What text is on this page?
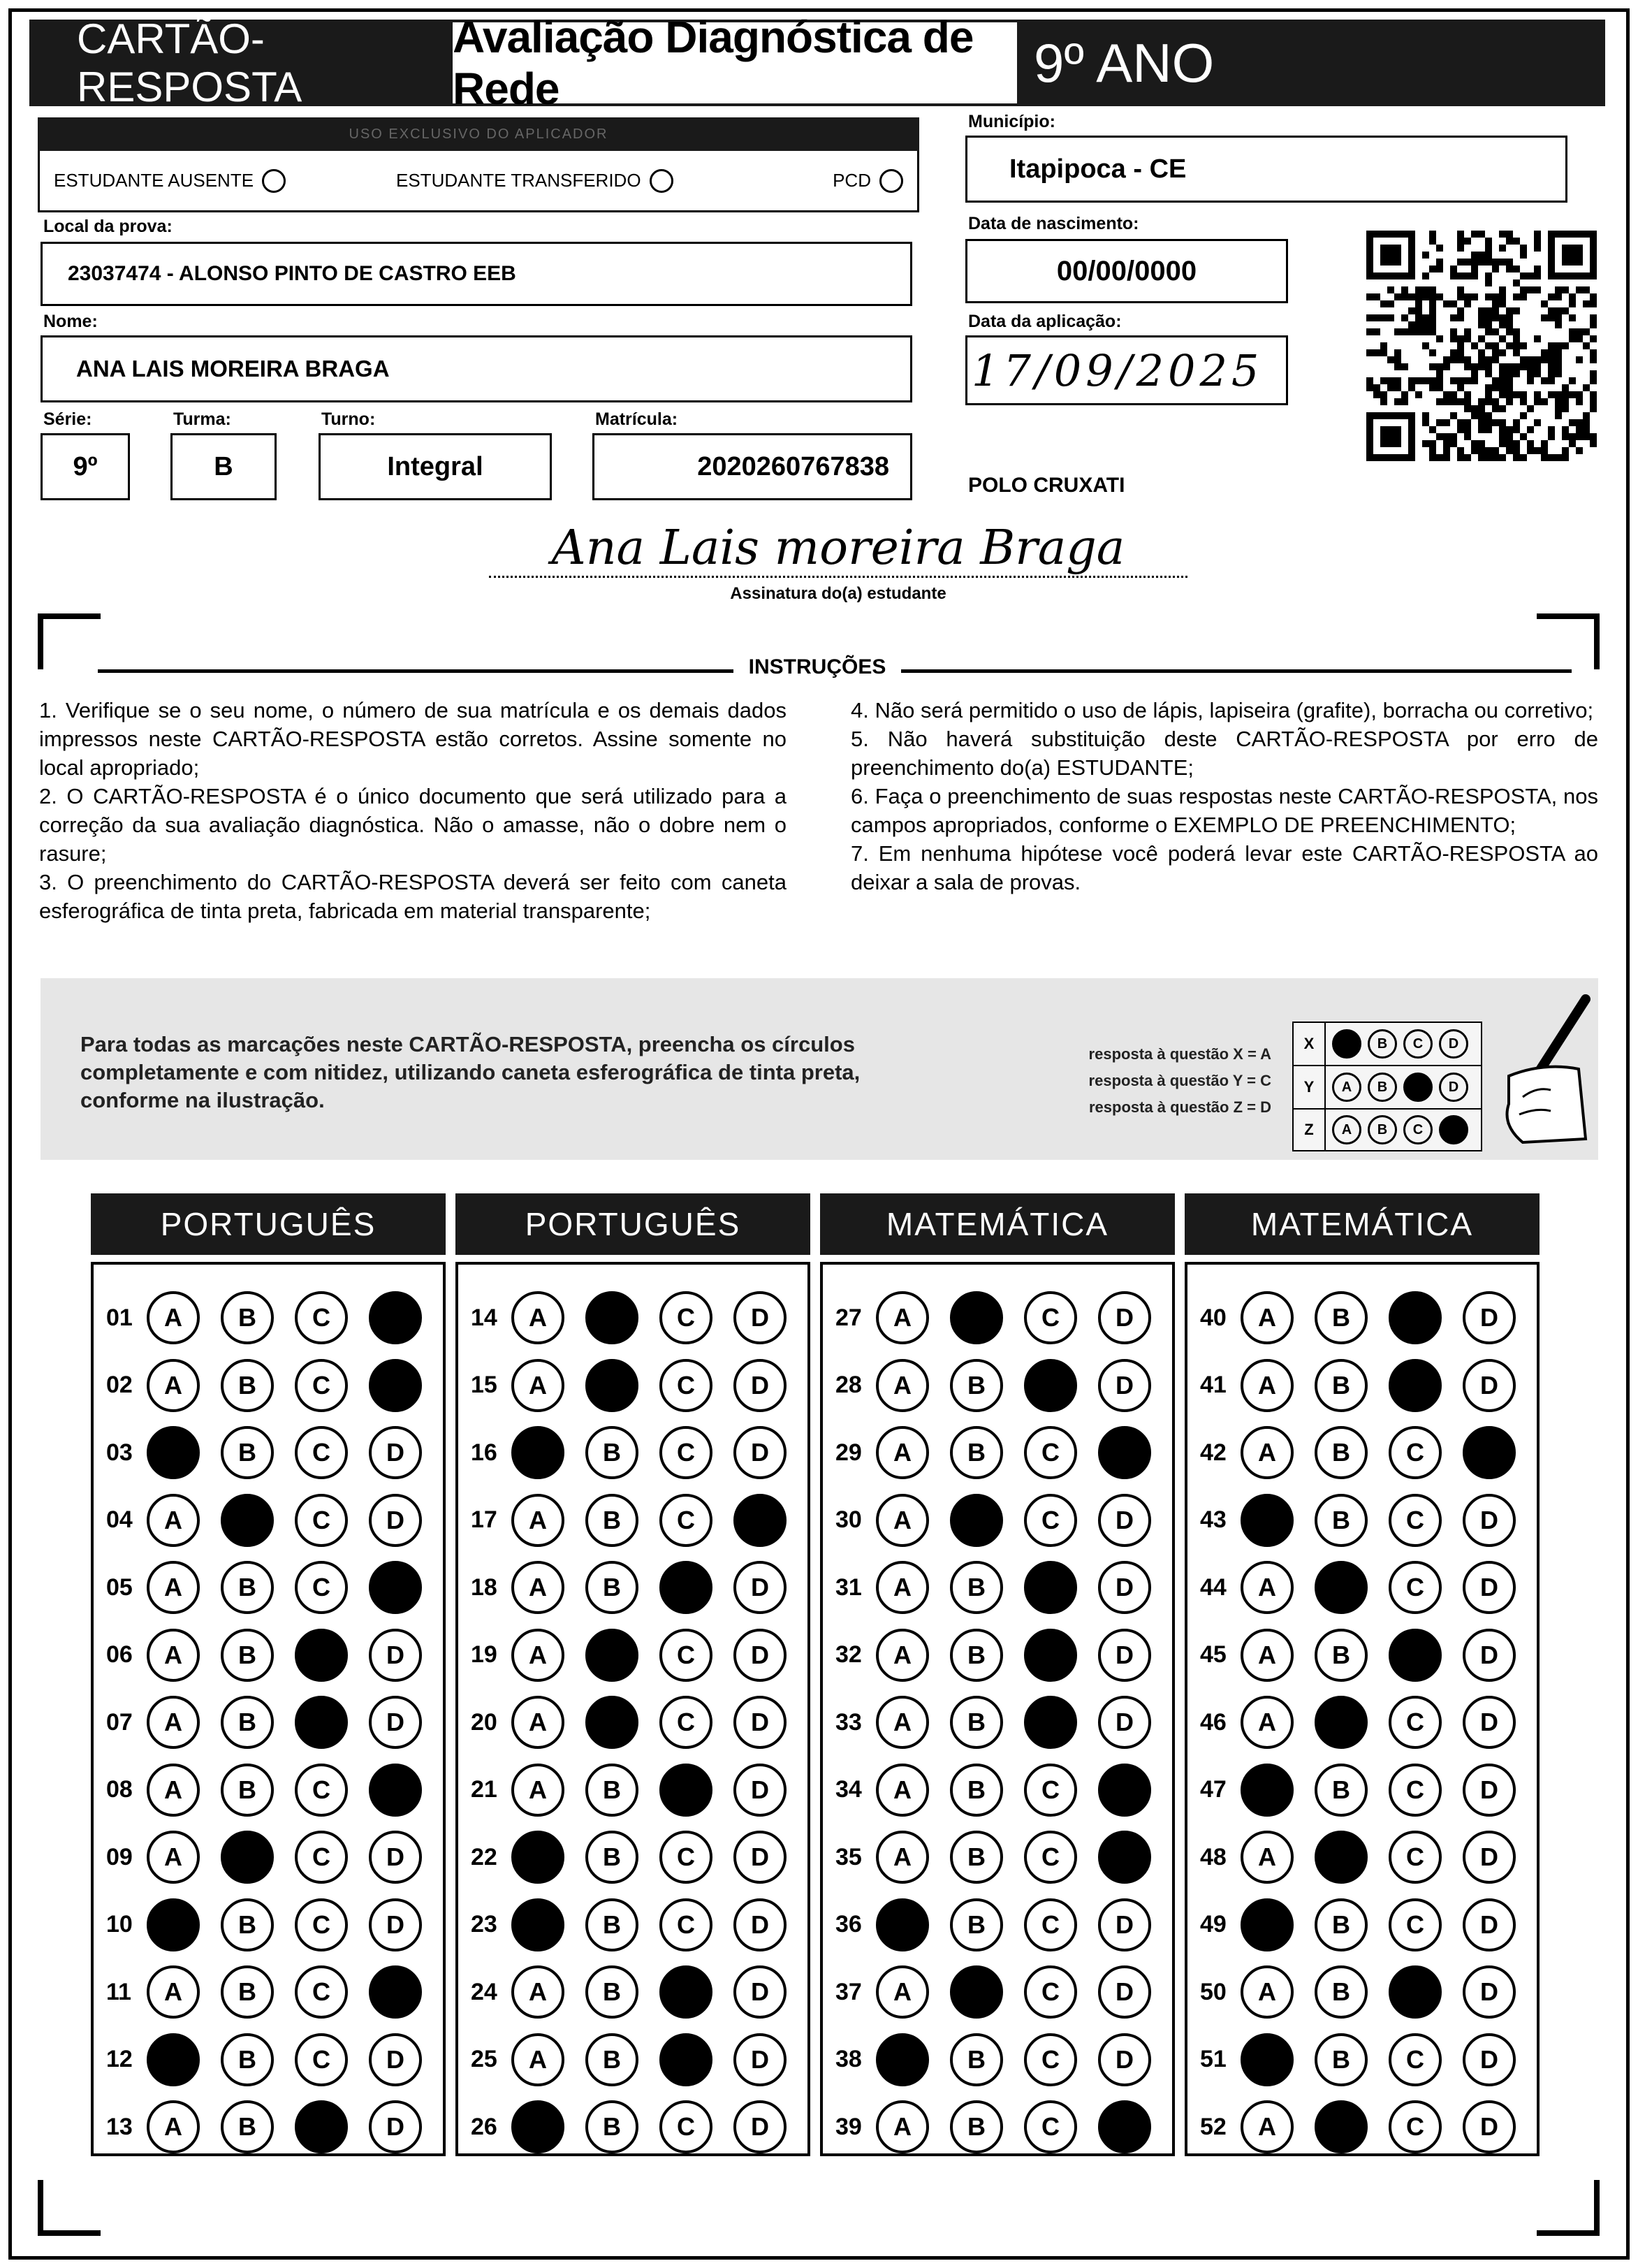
CARTÃO-RESPOSTA
Avaliação Diagnóstica de Rede	9º ANO
USO EXCLUSIVO DO APLICADOR
ESTUDANTE AUSENTE	ESTUDANTE TRANSFERIDO	PCD
Município:
Itapipoca - CE
Local da prova:
23037474 - ALONSO PINTO DE CASTRO EEB
Data de nascimento:
00/00/0000
Nome:
ANA LAIS MOREIRA BRAGA
Data da aplicação:
17/09/2025
Série:
9º
Turma:
B
Turno:
Integral
Matrícula:
2020260767838
POLO CRUXATI
Ana Lais moreira Braga
Assinatura do(a) estudante
INSTRUÇÕES

1. Verifique se o seu nome, o número de sua matrícula e os demais dados impressos neste CARTÃO-RESPOSTA estão corretos. Assine somente no local apropriado;

2. O CARTÃO-RESPOSTA é o único documento que será utilizado para a correção da sua avaliação diagnóstica. Não o amasse, não o dobre nem o rasure;

3. O preenchimento do CARTÃO-RESPOSTA deverá ser feito com caneta esferográfica de tinta preta, fabricada em material transparente;

4. Não será permitido o uso de lápis, lapiseira (grafite), borracha ou corretivo;

5. Não haverá substituição deste CARTÃO-RESPOSTA por erro de preenchimento do(a) ESTUDANTE;

6. Faça o preenchimento de suas respostas neste CARTÃO-RESPOSTA, nos campos apropriados, conforme o EXEMPLO DE PREENCHIMENTO;

7. Em nenhuma hipótese você poderá levar este CARTÃO-RESPOSTA ao deixar a sala de provas.

Para todas as marcações neste CARTÃO-RESPOSTA, preencha os círculos completamente e com nitidez, utilizando caneta esferográfica de tinta preta, conforme na ilustração.
resposta à questão X = A
resposta à questão Y = C
resposta à questão Z = D
X	A	B	C	D
Y	A	B	C	D
Z	A	B	C	D
PORTUGUÊS
01	A	B	C	D
02	A	B	C	D
03	A	B	C	D
04	A	B	C	D
05	A	B	C	D
06	A	B	C	D
07	A	B	C	D
08	A	B	C	D
09	A	B	C	D
10	A	B	C	D
11	A	B	C	D
12	A	B	C	D
13	A	B	C	D
PORTUGUÊS
14	A	B	C	D
15	A	B	C	D
16	A	B	C	D
17	A	B	C	D
18	A	B	C	D
19	A	B	C	D
20	A	B	C	D
21	A	B	C	D
22	A	B	C	D
23	A	B	C	D
24	A	B	C	D
25	A	B	C	D
26	A	B	C	D
MATEMÁTICA
27	A	B	C	D
28	A	B	C	D
29	A	B	C	D
30	A	B	C	D
31	A	B	C	D
32	A	B	C	D
33	A	B	C	D
34	A	B	C	D
35	A	B	C	D
36	A	B	C	D
37	A	B	C	D
38	A	B	C	D
39	A	B	C	D
MATEMÁTICA
40	A	B	C	D
41	A	B	C	D
42	A	B	C	D
43	A	B	C	D
44	A	B	C	D
45	A	B	C	D
46	A	B	C	D
47	A	B	C	D
48	A	B	C	D
49	A	B	C	D
50	A	B	C	D
51	A	B	C	D
52	A	B	C	D
